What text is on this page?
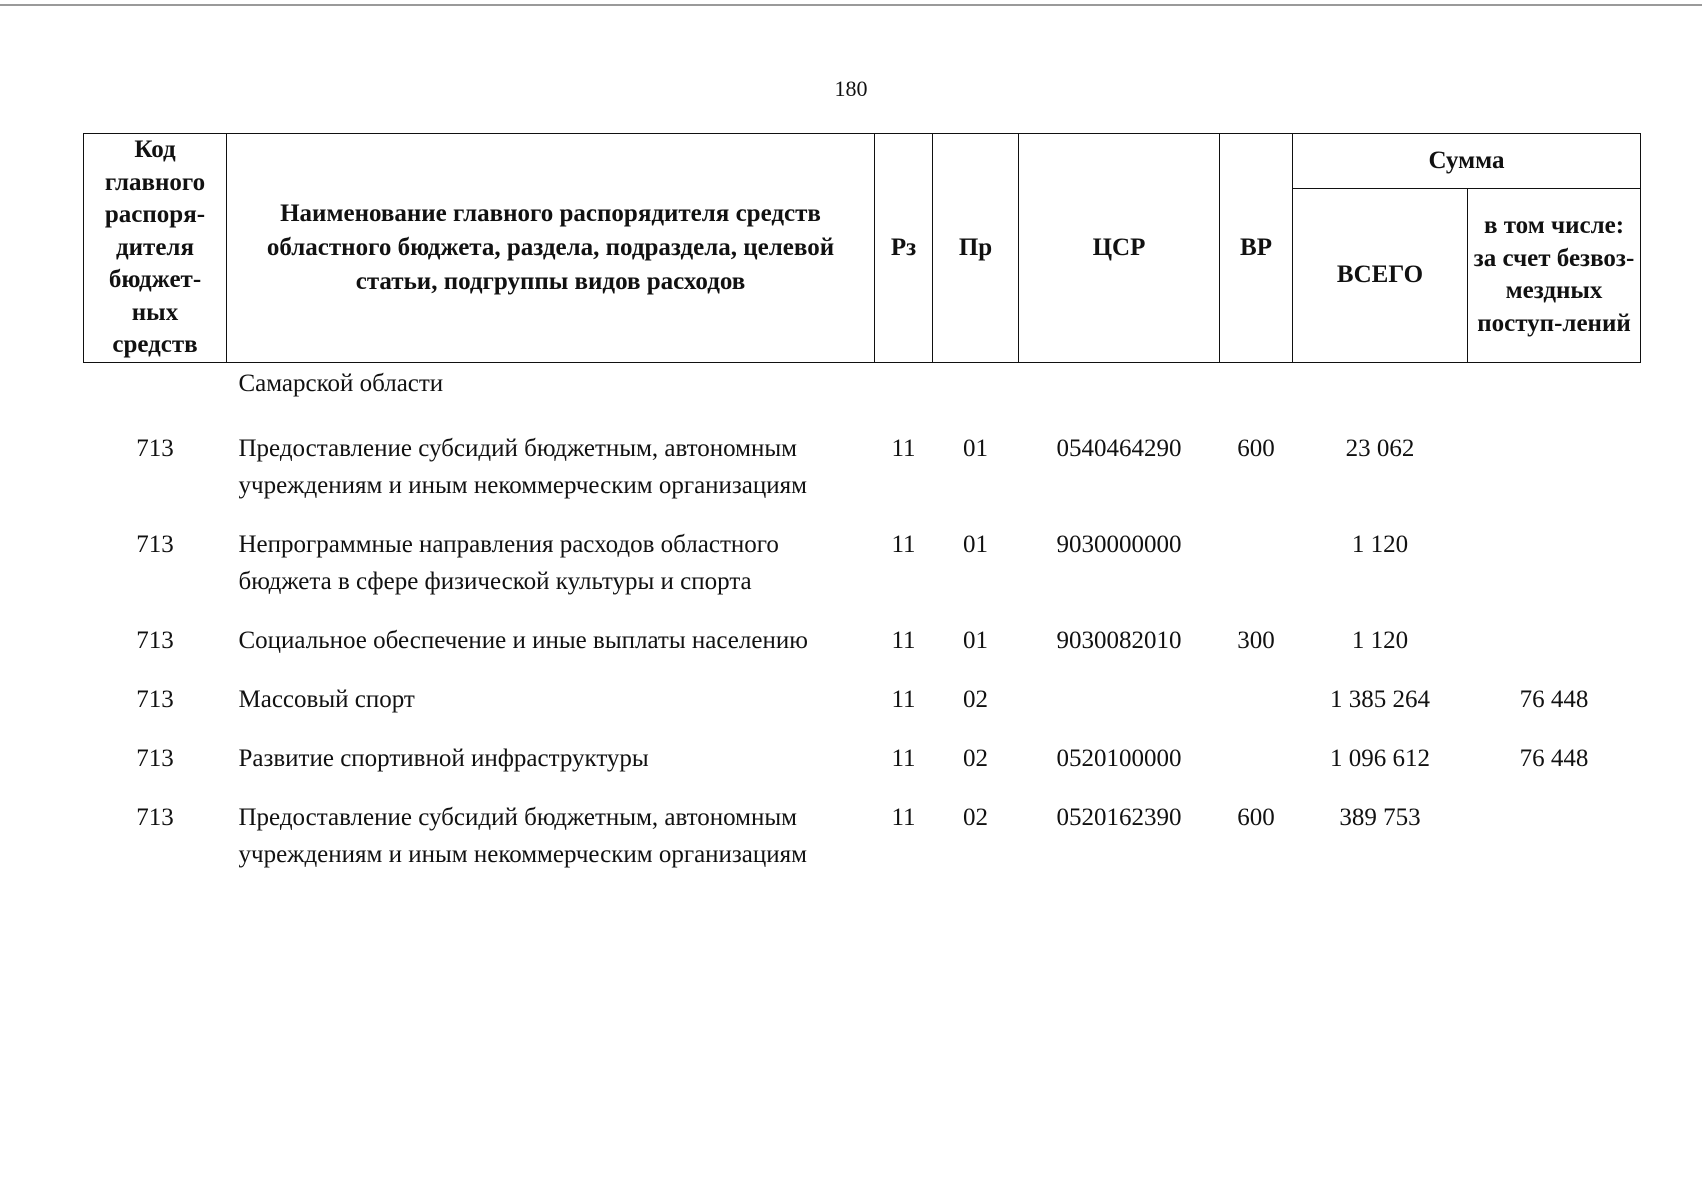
180
Код главного распоря-дителя бюджет-ных средств	Наименование главного распорядителя средств областного бюджета, раздела, подраздела, целевой статьи, подгруппы видов расходов	Рз	Пр	ЦСР	ВР	Сумма	
						ВСЕГО	в том числе: за счет безвоз-мездных поступ-лений
	Самарской области						
713	Предоставление субсидий бюджетным, автономным учреждениям и иным некоммерческим организациям	11	01	0540464290	600	23 062	
713	Непрограммные направления расходов областного бюджета в сфере физической культуры и спорта	11	01	9030000000		1 120	
713	Социальное обеспечение и иные выплаты населению	11	01	9030082010	300	1 120	
713	Массовый спорт	11	02			1 385 264	76 448
713	Развитие спортивной инфраструктуры	11	02	0520100000		1 096 612	76 448
713	Предоставление субсидий бюджетным, автономным учреждениям и иным некоммерческим организациям	11	02	0520162390	600	389 753	
